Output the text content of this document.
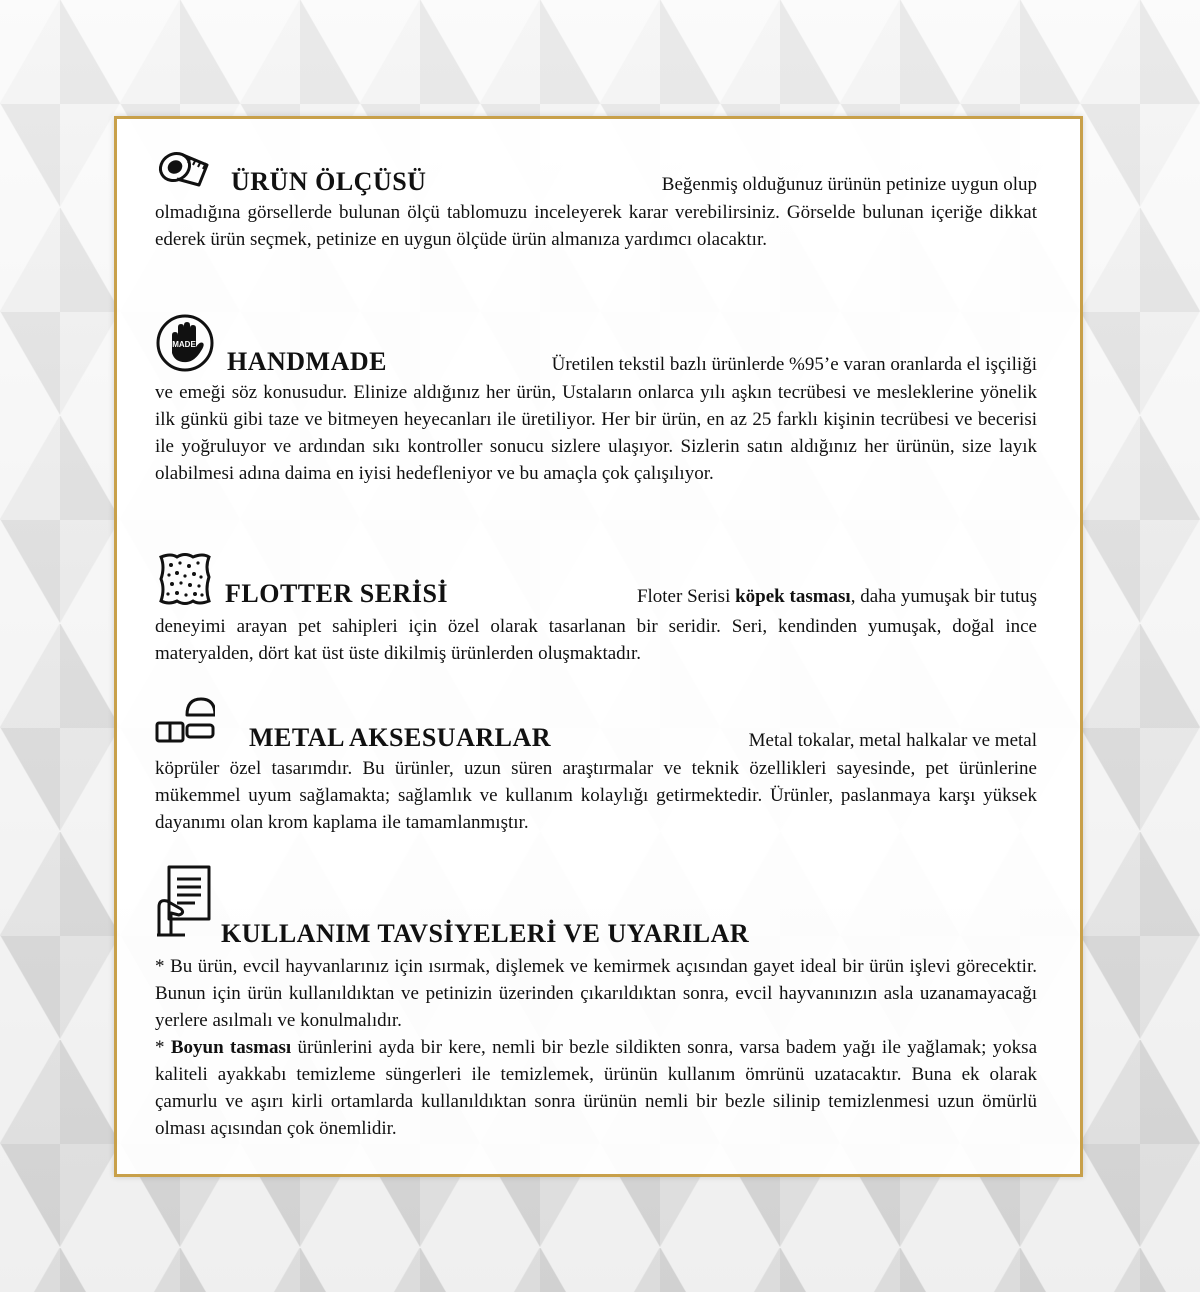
ÜRÜN ÖLÇÜSÜ	Beğenmiş olduğunuz ürünün petinize uygun olup

olmadığına görsellerde bulunan ölçü tablomuzu inceleyerek karar verebilirsiniz. Görselde bulunan içeriğe dikkat ederek ürün seçmek, petinize en uygun ölçüde ürün almanıza yardımcı olacaktır.

MADE
HANDMADE	Üretilen tekstil bazlı ürünlerde %95’e varan oranlarda el işçiliği

ve emeği söz konusudur. Elinize aldığınız her ürün, Ustaların onlarca yılı aşkın tecrübesi ve mesleklerine yönelik ilk günkü gibi taze ve bitmeyen heyecanları ile üretiliyor. Her bir ürün, en az 25 farklı kişinin tecrübesi ve becerisi ile yoğruluyor ve ardından sıkı kontroller sonucu sizlere ulaşıyor. Sizlerin satın aldığınız her ürünün, size layık olabilmesi adına daima en iyisi hedefleniyor ve bu amaçla çok çalışılıyor.

FLOTTER SERİSİ	Floter Serisi köpek tasması, daha yumuşak bir tutuş

deneyimi arayan pet sahipleri için özel olarak tasarlanan bir seridir. Seri, kendinden yumuşak, doğal ince materyalden, dört kat üst üste dikilmiş ürünlerden oluşmaktadır.

METAL AKSESUARLAR	Metal tokalar, metal halkalar ve metal

köprüler özel tasarımdır. Bu ürünler, uzun süren araştırmalar ve teknik özellikleri sayesinde, pet ürünlerine mükemmel uyum sağlamakta; sağlamlık ve kullanım kolaylığı getirmektedir. Ürünler, paslanmaya karşı yüksek dayanımı olan krom kaplama ile tamamlanmıştır.

KULLANIM TAVSİYELERİ VE UYARILAR

* Bu ürün, evcil hayvanlarınız için ısırmak, dişlemek ve kemirmek açısından gayet ideal bir ürün işlevi görecektir. Bunun için ürün kullanıldıktan ve petinizin üzerinden çıkarıldıktan sonra, evcil hayvanınızın asla uzanamayacağı yerlere asılmalı ve konulmalıdır.

* Boyun tasması ürünlerini ayda bir kere, nemli bir bezle sildikten sonra, varsa badem yağı ile yağlamak; yoksa kaliteli ayakkabı temizleme süngerleri ile temizlemek, ürünün kullanım ömrünü uzatacaktır. Buna ek olarak çamurlu ve aşırı kirli ortamlarda kullanıldıktan sonra ürünün nemli bir bezle silinip temizlenmesi uzun ömürlü olması açısından çok önemlidir.
